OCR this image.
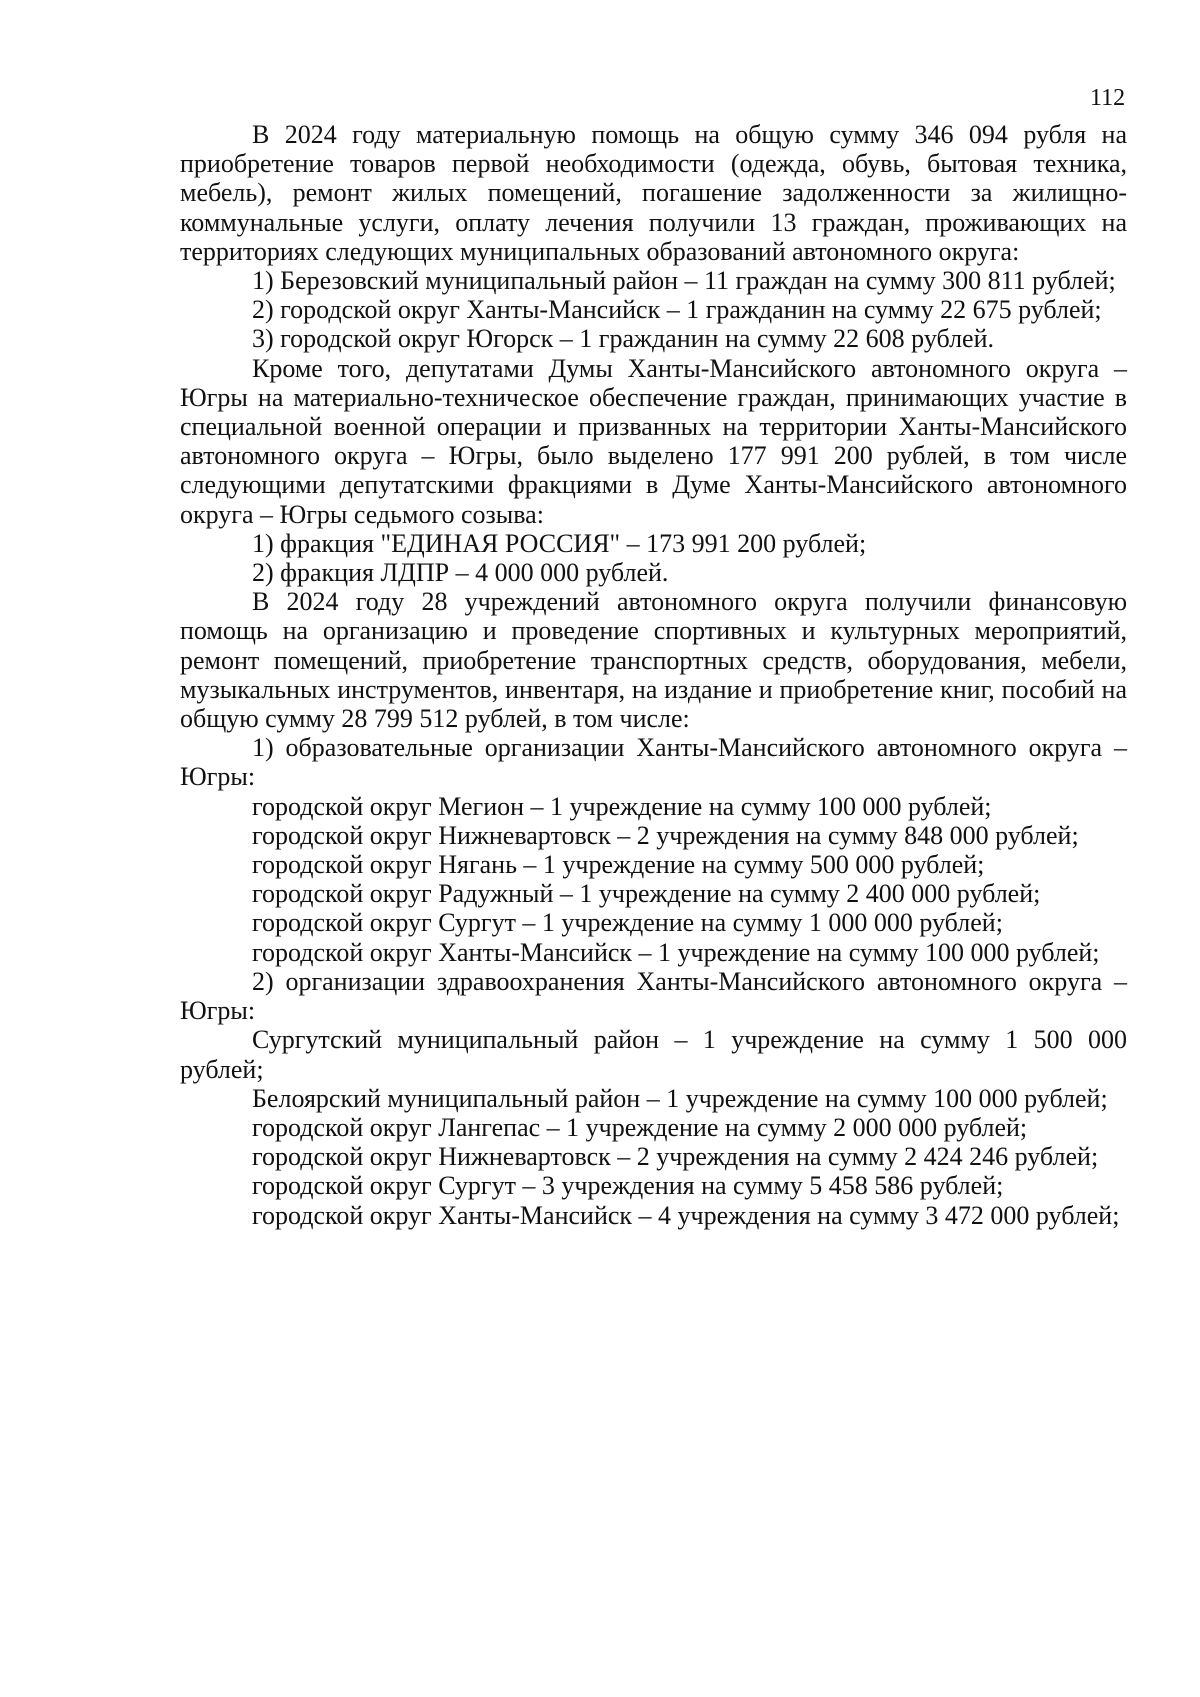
112

В 2024 году материальную помощь на общую сумму 346 094 рубля на приобретение товаров первой необходимости (одежда, обувь, бытовая техника, мебель), ремонт жилых помещений, погашение задолженности за жилищно-коммунальные услуги, оплату лечения получили 13 граждан, проживающих на территориях следующих муниципальных образований автономного округа:

1) Березовский муниципальный район – 11 граждан на сумму 300 811 рублей;

2) городской округ Ханты-Мансийск – 1 гражданин на сумму 22 675 рублей;

3) городской округ Югорск – 1 гражданин на сумму 22 608 рублей.

Кроме того, депутатами Думы Ханты-Мансийского автономного округа – Югры на материально-техническое обеспечение граждан, принимающих участие в специальной военной операции и призванных на территории Ханты-Мансийского автономного округа – Югры, было выделено 177 991 200 рублей, в том числе следующими депутатскими фракциями в Думе Ханты-Мансийского автономного округа – Югры седьмого созыва:

1) фракция "ЕДИНАЯ РОССИЯ" – 173 991 200 рублей;

2) фракция ЛДПР – 4 000 000 рублей.

В 2024 году 28 учреждений автономного округа получили финансовую помощь на организацию и проведение спортивных и культурных мероприятий, ремонт помещений, приобретение транспортных средств, оборудования, мебели, музыкальных инструментов, инвентаря, на издание и приобретение книг, пособий на общую сумму 28 799 512 рублей, в том числе:

1) образовательные организации Ханты-Мансийского автономного округа – Югры:

городской округ Мегион – 1 учреждение на сумму 100 000 рублей;

городской округ Нижневартовск – 2 учреждения на сумму 848 000 рублей;

городской округ Нягань – 1 учреждение на сумму 500 000 рублей;

городской округ Радужный – 1 учреждение на сумму 2 400 000 рублей;

городской округ Сургут – 1 учреждение на сумму 1 000 000 рублей;

городской округ Ханты-Мансийск – 1 учреждение на сумму 100 000 рублей;

2) организации здравоохранения Ханты-Мансийского автономного округа – Югры:

Сургутский муниципальный район – 1 учреждение на сумму 1 500 000 рублей;

Белоярский муниципальный район – 1 учреждение на сумму 100 000 рублей;

городской округ Лангепас – 1 учреждение на сумму 2 000 000 рублей;

городской округ Нижневартовск – 2 учреждения на сумму 2 424 246 рублей;

городской округ Сургут – 3 учреждения на сумму 5 458 586 рублей;

городской округ Ханты-Мансийск – 4 учреждения на сумму 3 472 000 рублей;
